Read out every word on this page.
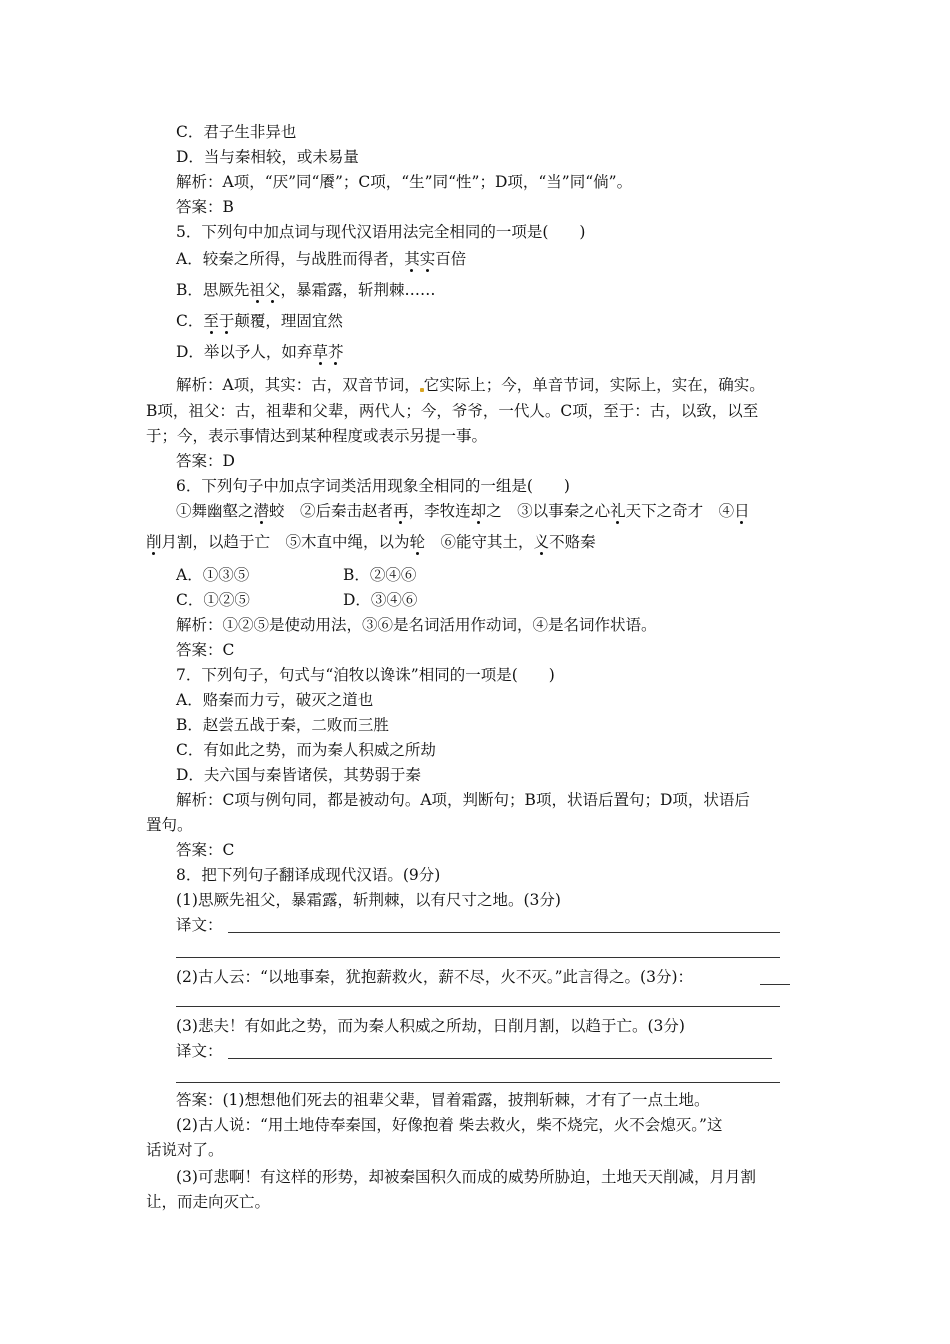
C．君子生非异也
D．当与秦相较，或未易量
解析：A项，“厌”同“餍”；C项，“生”同“性”；D项，“当”同“倘”。
答案：B
5．下列句中加点词与现代汉语用法完全相同的一项是(　　)
A．较秦之所得，与战胜而得者，其实百倍
B．思厥先祖父，暴霜露，斩荆棘……
C．至于颠覆，理固宜然
D．举以予人，如弃草芥
解析：A项，其实：古，双音节词， 它实际上；今，单音节词，实际上，实在，确实。
B项，祖父：古，祖辈和父辈，两代人；今，爷爷，一代人。C项，至于：古，以致，以至
于；今，表示事情达到某种程度或表示另提一事。
答案：D
6．下列句子中加点字词类活用现象全相同的一组是(　　)
①舞幽壑之潜蛟　②后秦击赵者再，李牧连却之　③以事秦之心礼天下之奇才　④日
削月割，以趋于亡　⑤木直中绳，以为轮　⑥能守其土，义不赂秦
A．①③⑤	B．②④⑥
C．①②⑤	D．③④⑥
解析：①②⑤是使动用法，③⑥是名词活用作动词，④是名词作状语。
答案：C
7．下列句子，句式与“洎牧以谗诛”相同的一项是(　　)
A．赂秦而力亏，破灭之道也
B．赵尝五战于秦，二败而三胜
C．有如此之势，而为秦人积威之所劫
D．夫六国与秦皆诸侯，其势弱于秦
解析：C项与例句同，都是被动句。A项，判断句；B项，状语后置句；D项，状语后
置句。
答案：C
8．把下列句子翻译成现代汉语。(9分)
(1)思厥先祖父，暴霜露，斩荆棘，以有尺寸之地。(3分)
译文：
(2)古人云：“以地事秦，犹抱薪救火，薪不尽，火不灭。”此言得之。(3分)：
(3)悲夫！有如此之势，而为秦人积威之所劫，日削月割，以趋于亡。(3分)
译文：
答案：(1)想想他们死去的祖辈父辈，冒着霜露，披荆斩棘，才有了一点土地。
(2)古人说：“用土地侍奉秦国，好像抱着 柴去救火，柴不烧完，火不会熄灭。”这
话说对了。
(3)可悲啊！有这样的形势，却被秦国积久而成的威势所胁迫，土地天天削减，月月割
让，而走向灭亡。
